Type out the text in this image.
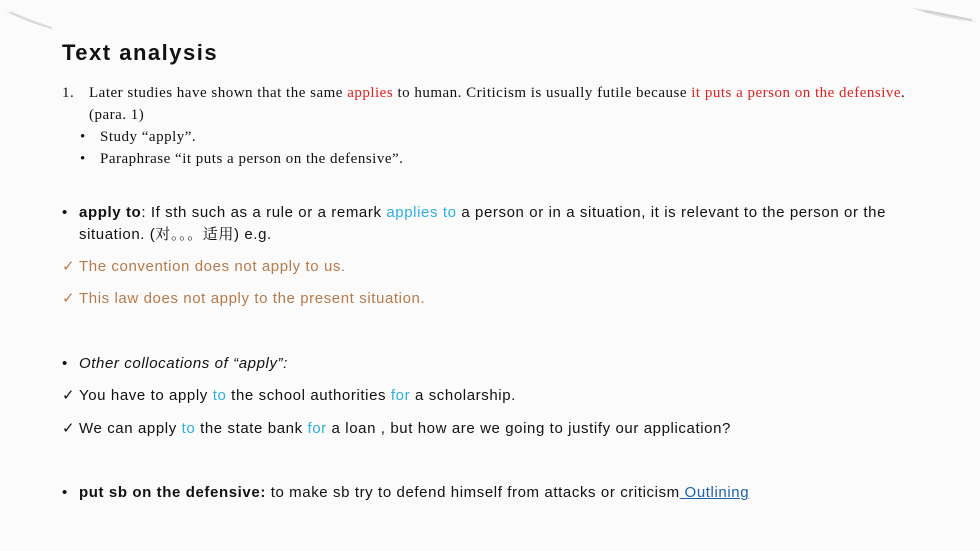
Text analysis
1. Later studies have shown that the same applies to human. Criticism is usually futile because it puts a person on the defensive. (para. 1)
• Study “apply”.
• Paraphrase “it puts a person on the defensive”.
• apply to: If sth such as a rule or a remark applies to a person or in a situation, it is relevant to the person or the situation. (对。。。适用) e.g.
✓ The convention does not apply to us.
✓ This law does not apply to the present situation.
• Other collocations of “apply”:
✓ You have to apply to the school authorities for a scholarship.
✓ We can apply to the state bank for a loan , but how are we going to justify our application?
• put sb on the defensive: to make sb try to defend himself from attacks or criticism Outlining
